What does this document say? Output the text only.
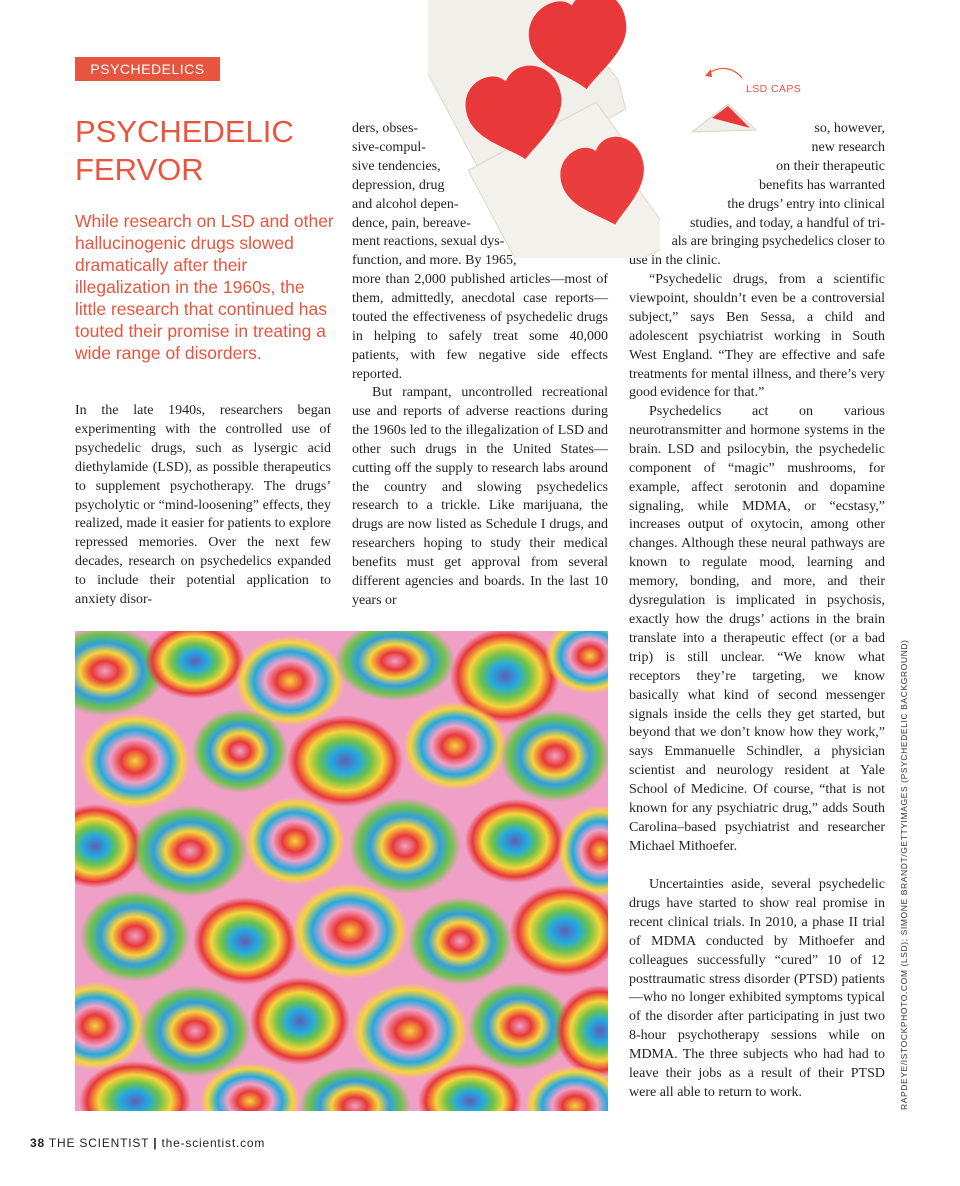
PSYCHEDELICS
PSYCHEDELIC
FERVOR

While research on LSD and other hallucinogenic drugs slowed dramatically after their illegalization in the 1960s, the little research that continued has touted their promise in treating a wide range of disorders.

In the late 1940s, researchers began experimenting with the controlled use of psychedelic drugs, such as lysergic acid diethylamide (LSD), as possible therapeutics to supplement psychotherapy. The drugs’ psycholytic or “mind-loosening” effects, they realized, made it easier for patients to explore repressed memories. Over the next few decades, research on psychedelics expanded to include their potential application to anxiety disor-

ders, obses-
sive-compul-
sive tendencies,
depression, drug
and alcohol depen-
dence, pain, bereave-
ment reactions, sexual dys-
function, and more. By 1965,

more than 2,000 published articles—most of them, admittedly, anecdotal case reports—touted the effectiveness of psychedelic drugs in helping to safely treat some 40,000 patients, with few negative side effects reported.

But rampant, uncontrolled recreational use and reports of adverse reactions during the 1960s led to the illegalization of LSD and other such drugs in the United States—cutting off the supply to research labs around the country and slowing psychedelics research to a trickle. Like marijuana, the drugs are now listed as Schedule I drugs, and researchers hoping to study their medical benefits must get approval from several different agencies and boards. In the last 10 years or

so, however,
new research
on their therapeutic
benefits has warranted
the drugs’ entry into clinical
studies, and today, a handful of tri-
als are bringing psychedelics closer to

use in the clinic.

“Psychedelic drugs, from a scientific viewpoint, shouldn’t even be a controversial subject,” says Ben Sessa, a child and adolescent psychiatrist working in South West England. “They are effective and safe treatments for mental illness, and there’s very good evidence for that.”

Psychedelics act on various neurotransmitter and hormone systems in the brain. LSD and psilocybin, the psychedelic component of “magic” mushrooms, for example, affect serotonin and dopamine signaling, while MDMA, or “ecstasy,” increases output of oxytocin, among other changes. Although these neural pathways are known to regulate mood, learning and memory, bonding, and more, and their dysregulation is implicated in psychosis, exactly how the drugs’ actions in the brain translate into a therapeutic effect (or a bad trip) is still unclear. “We know what receptors they’re targeting, we know basically what kind of second messenger signals inside the cells they get started, but beyond that we don’t know how they work,” says Emmanuelle Schindler, a physician scientist and neurology resident at Yale School of Medicine. Of course, “that is not known for any psychiatric drug,” adds South Carolina–based psychiatrist and researcher Michael Mithoefer.

Uncertainties aside, several psychedelic drugs have started to show real promise in recent clinical trials. In 2010, a phase II trial of MDMA conducted by Mithoefer and colleagues successfully “cured” 10 of 12 posttraumatic stress disorder (PTSD) patients—who no longer exhibited symptoms typical of the disorder after participating in just two 8-hour psychotherapy sessions while on MDMA. The three subjects who had had to leave their jobs as a result of their PTSD were all able to return to work.

LSD CAPS
RAPDEYE/ISTOCKPHOTO.COM (LSD); SIMONE BRANDT/GETTYIMAGES (PSYCHEDELIC BACKGROUND)
38 THE SCIENTIST | the-scientist.com
